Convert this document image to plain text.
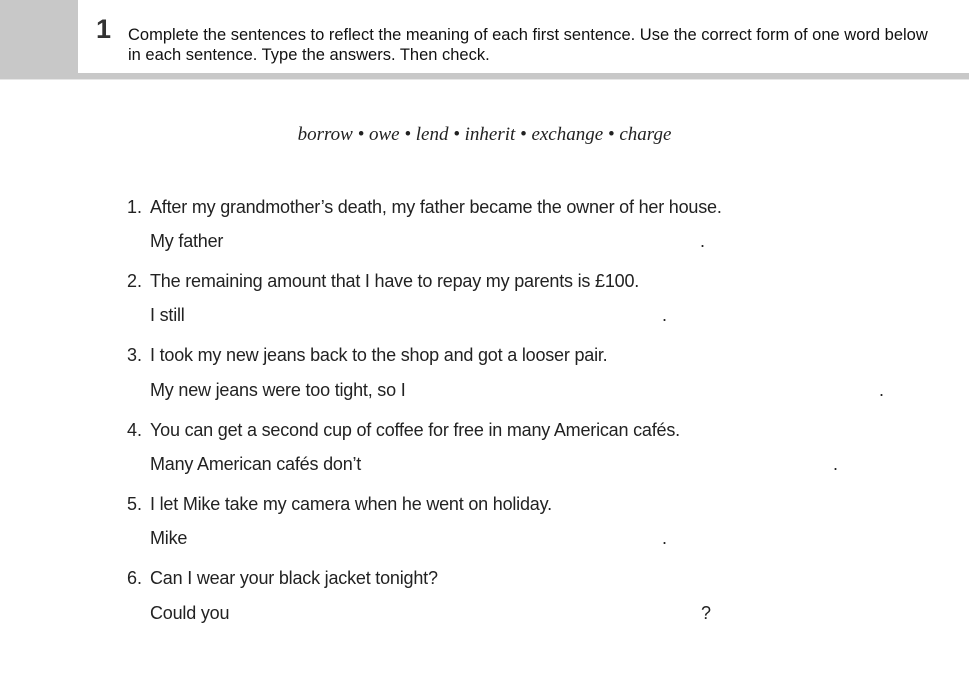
1 Complete the sentences to reflect the meaning of each first sentence. Use the correct form of one word below in each sentence. Type the answers. Then check.
borrow • owe • lend • inherit • exchange • charge
1. After my grandmother’s death, my father became the owner of her house.
My father	.
2. The remaining amount that I have to repay my parents is £100.
I still	.
3. I took my new jeans back to the shop and got a looser pair.
My new jeans were too tight, so I	.
4. You can get a second cup of coffee for free in many American cafés.
Many American cafés don’t	.
5. I let Mike take my camera when he went on holiday.
Mike	.
6. Can I wear your black jacket tonight?
Could you	?
